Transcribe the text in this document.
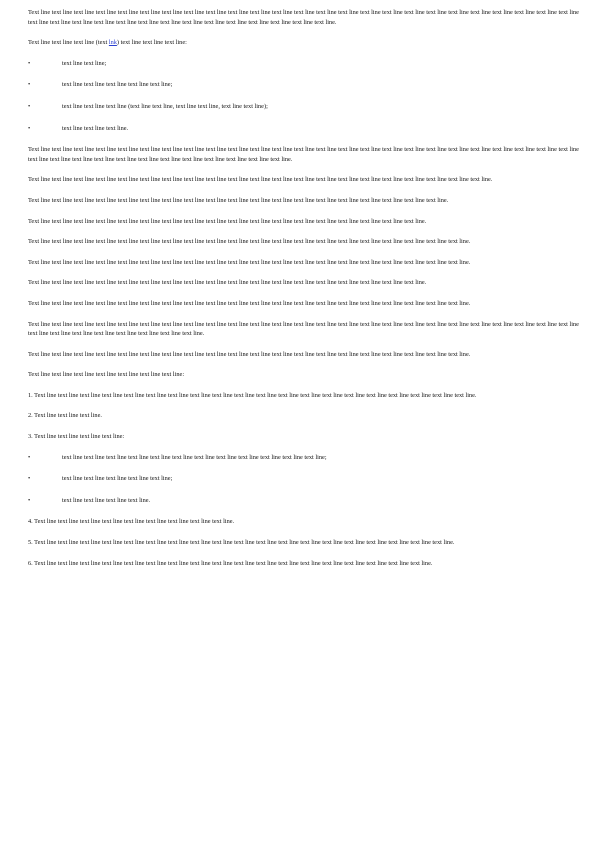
Text line text line text line text line text line text line text line text line text line text line text line text line text line text line text line text line text line text line text line text line text line text line text line text line text line text line text line text line text line text line text line text line text line text line text line text line text line text line text line.

Text line text line text line (text lnk) text line text line text line:

•	text line text line;
•	text line text line text line text line text line;
•	text line text line text line (text line text line, text line text line, text line text line);
•	text line text line text line.

Text line text line text line text line text line text line text line text line text line text line text line text line text line text line text line text line text line text line text line text line text line text line text line text line text line text line text line text line text line text line text line text line text line text line text line text line text line.

Text line text line text line text line text line text line text line text line text line text line text line text line text line text line text line text line text line text line text line text line text line.

Text line text line text line text line text line text line text line text line text line text line text line text line text line text line text line text line text line text line text line.

Text line text line text line text line text line text line text line text line text line text line text line text line text line text line text line text line text line text line.

Text line text line text line text line text line text line text line text line text line text line text line text line text line text line text line text line text line text line text line text line.

Text line text line text line text line text line text line text line text line text line text line text line text line text line text line text line text line text line text line text line text line.

Text line text line text line text line text line text line text line text line text line text line text line text line text line text line text line text line text line text line.

Text line text line text line text line text line text line text line text line text line text line text line text line text line text line text line text line text line text line text line text line.

Text line text line text line text line text line text line text line text line text line text line text line text line text line text line text line text line text line text line text line text line text line text line text line text line text line text line text line text line text line text line text line text line text line.

Text line text line text line text line text line text line text line text line text line text line text line text line text line text line text line text line text line text line text line text line.

Text line text line text line text line text line text line text line:

1. Text line text line text line text line text line text line text line text line text line text line text line text line text line text line text line text line text line text line text line text line.

2. Text line text line text line.

3. Text line text line text line text line:

•	text line text line text line text line text line text line text line text line text line text line text line text line;
•	text line text line text line text line text line;
•	text line text line text line text line.

4. Text line text line text line text line text line text line text line text line text line.

5. Text line text line text line text line text line text line text line text line text line text line text line text line text line text line text line text line text line text line text line.

6. Text line text line text line text line text line text line text line text line text line text line text line text line text line text line text line text line text line text line.
